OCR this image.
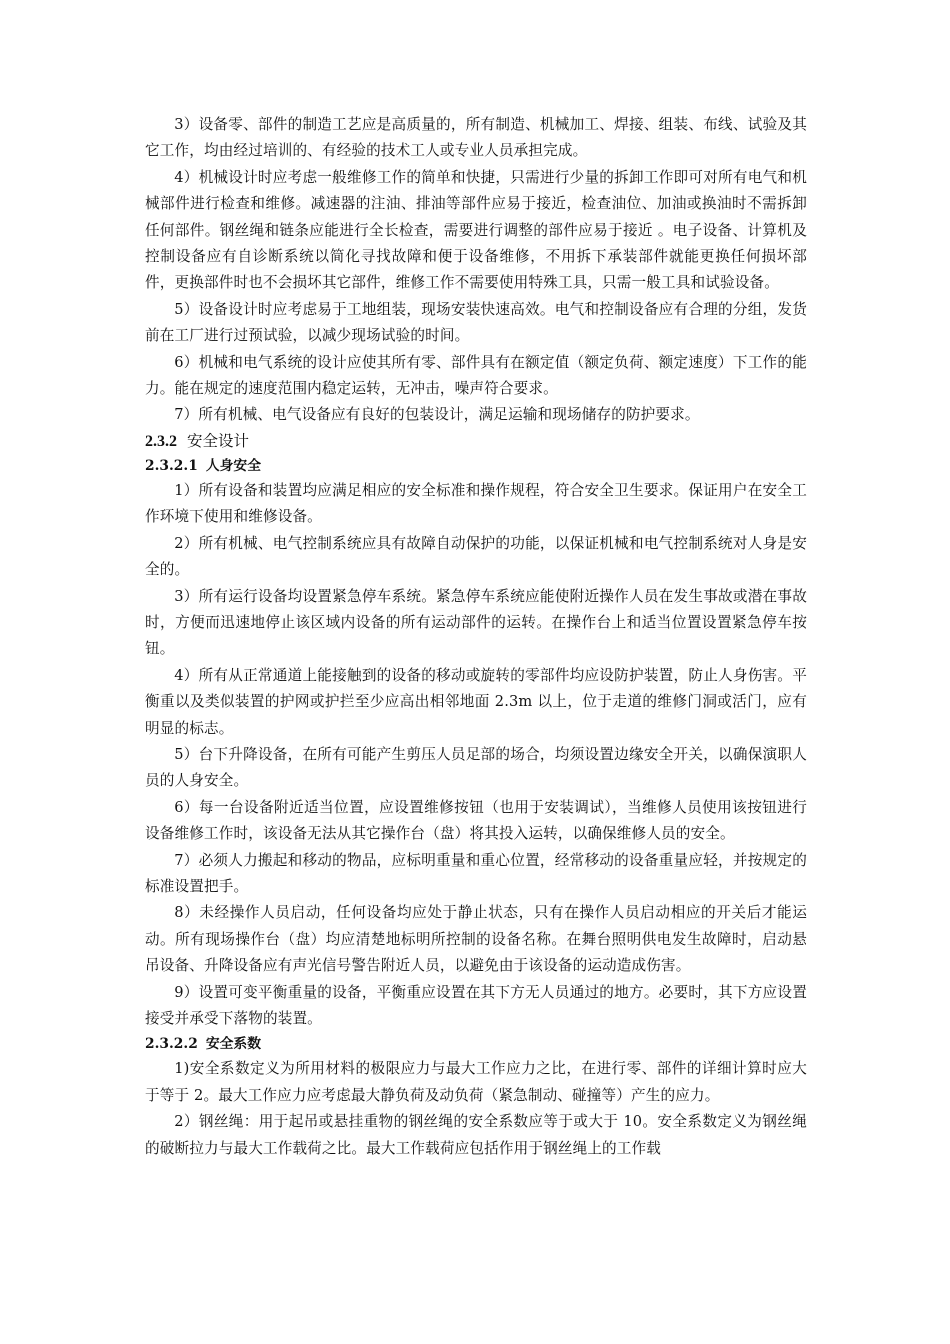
3）设备零、部件的制造工艺应是高质量的，所有制造、机械加工、焊接、组装、布线、试验及其它工作，均由经过培训的、有经验的技术工人或专业人员承担完成。

4）机械设计时应考虑一般维修工作的简单和快捷，只需进行少量的拆卸工作即可对所有电气和机械部件进行检查和维修。减速器的注油、排油等部件应易于接近，检查油位、加油或换油时不需拆卸任何部件。钢丝绳和链条应能进行全长检查，需要进行调整的部件应易于接近 。电子设备、计算机及控制设备应有自诊断系统以简化寻找故障和便于设备维修，不用拆下承装部件就能更换任何损坏部件，更换部件时也不会损坏其它部件，维修工作不需要使用特殊工具，只需一般工具和试验设备。

5）设备设计时应考虑易于工地组装，现场安装快速高效。电气和控制设备应有合理的分组，发货前在工厂进行过预试验，以减少现场试验的时间。

6）机械和电气系统的设计应使其所有零、部件具有在额定值（额定负荷、额定速度）下工作的能力。能在规定的速度范围内稳定运转，无冲击，噪声符合要求。

7）所有机械、电气设备应有良好的包装设计，满足运输和现场储存的防护要求。

2.3.2 安全设计
2.3.2.1 人身安全

1）所有设备和装置均应满足相应的安全标准和操作规程，符合安全卫生要求。保证用户在安全工作环境下使用和维修设备。

2）所有机械、电气控制系统应具有故障自动保护的功能，以保证机械和电气控制系统对人身是安全的。

3）所有运行设备均设置紧急停车系统。紧急停车系统应能使附近操作人员在发生事故或潜在事故时，方便而迅速地停止该区域内设备的所有运动部件的运转。在操作台上和适当位置设置紧急停车按钮。

4）所有从正常通道上能接触到的设备的移动或旋转的零部件均应设防护装置，防止人身伤害。平衡重以及类似装置的护网或护拦至少应高出相邻地面 2.3m 以上，位于走道的维修门洞或活门，应有明显的标志。

5）台下升降设备，在所有可能产生剪压人员足部的场合，均须设置边缘安全开关，以确保演职人员的人身安全。

6）每一台设备附近适当位置，应设置维修按钮（也用于安装调试），当维修人员使用该按钮进行设备维修工作时，该设备无法从其它操作台（盘）将其投入运转，以确保维修人员的安全。

7）必须人力搬起和移动的物品，应标明重量和重心位置，经常移动的设备重量应轻，并按规定的标准设置把手。

8）未经操作人员启动，任何设备均应处于静止状态，只有在操作人员启动相应的开关后才能运动。所有现场操作台（盘）均应清楚地标明所控制的设备名称。在舞台照明供电发生故障时，启动悬吊设备、升降设备应有声光信号警告附近人员，以避免由于该设备的运动造成伤害。

9）设置可变平衡重量的设备，平衡重应设置在其下方无人员通过的地方。必要时，其下方应设置接受并承受下落物的装置。

2.3.2.2 安全系数

1)安全系数定义为所用材料的极限应力与最大工作应力之比，在进行零、部件的详细计算时应大于等于 2。最大工作应力应考虑最大静负荷及动负荷（紧急制动、碰撞等）产生的应力。

2）钢丝绳：用于起吊或悬挂重物的钢丝绳的安全系数应等于或大于 10。安全系数定义为钢丝绳的破断拉力与最大工作载荷之比。最大工作载荷应包括作用于钢丝绳上的工作载
